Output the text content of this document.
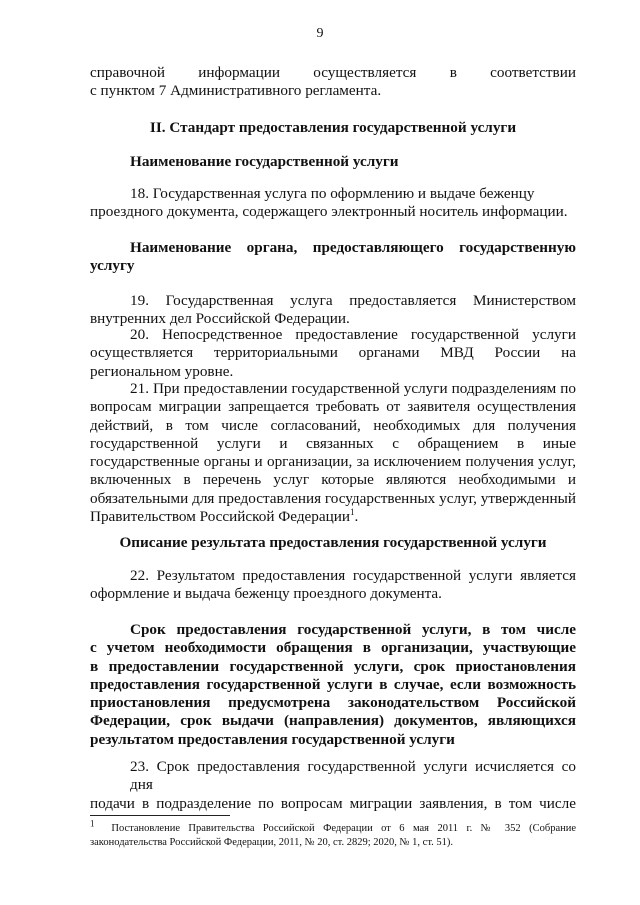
9
справочной информации осуществляется в соответствии
с пунктом 7 Административного регламента.
II. Стандарт предоставления государственной услуги
Наименование государственной услуги
18. Государственная услуга по оформлению и выдаче беженцу
проездного документа, содержащего электронный носитель информации.
Наименование органа, предоставляющего государственную
услугу
19. Государственная услуга предоставляется Министерством
внутренних дел Российской Федерации.
20. Непосредственное предоставление государственной услуги
осуществляется территориальными органами МВД России на
региональном уровне.
21. При предоставлении государственной услуги подразделениям по
вопросам миграции запрещается требовать от заявителя осуществления
действий, в том числе согласований, необходимых для получения
государственной услуги и связанных с обращением в иные
государственные органы и организации, за исключением получения услуг,
включенных в перечень услуг которые являются необходимыми и
обязательными для предоставления государственных услуг, утвержденный
Правительством Российской Федерации$^1$.
Описание результата предоставления государственной услуги
22. Результатом предоставления государственной услуги является
оформление и выдача беженцу проездного документа.
Срок предоставления государственной услуги, в том числе
с учетом необходимости обращения в организации, участвующие
в предоставлении государственной услуги, срок приостановления
предоставления государственной услуги в случае, если возможность
приостановления предусмотрена законодательством Российской
Федерации, срок выдачи (направления) документов, являющихся
результатом предоставления государственной услуги
23. Срок предоставления государственной услуги исчисляется со дня
подачи в подразделение по вопросам миграции заявления, в том числе
$^1$ Постановление Правительства Российской Федерации от 6 мая 2011 г. № 352 (Собрание
законодательства Российской Федерации, 2011, № 20, ст. 2829; 2020, № 1, ст. 51).
